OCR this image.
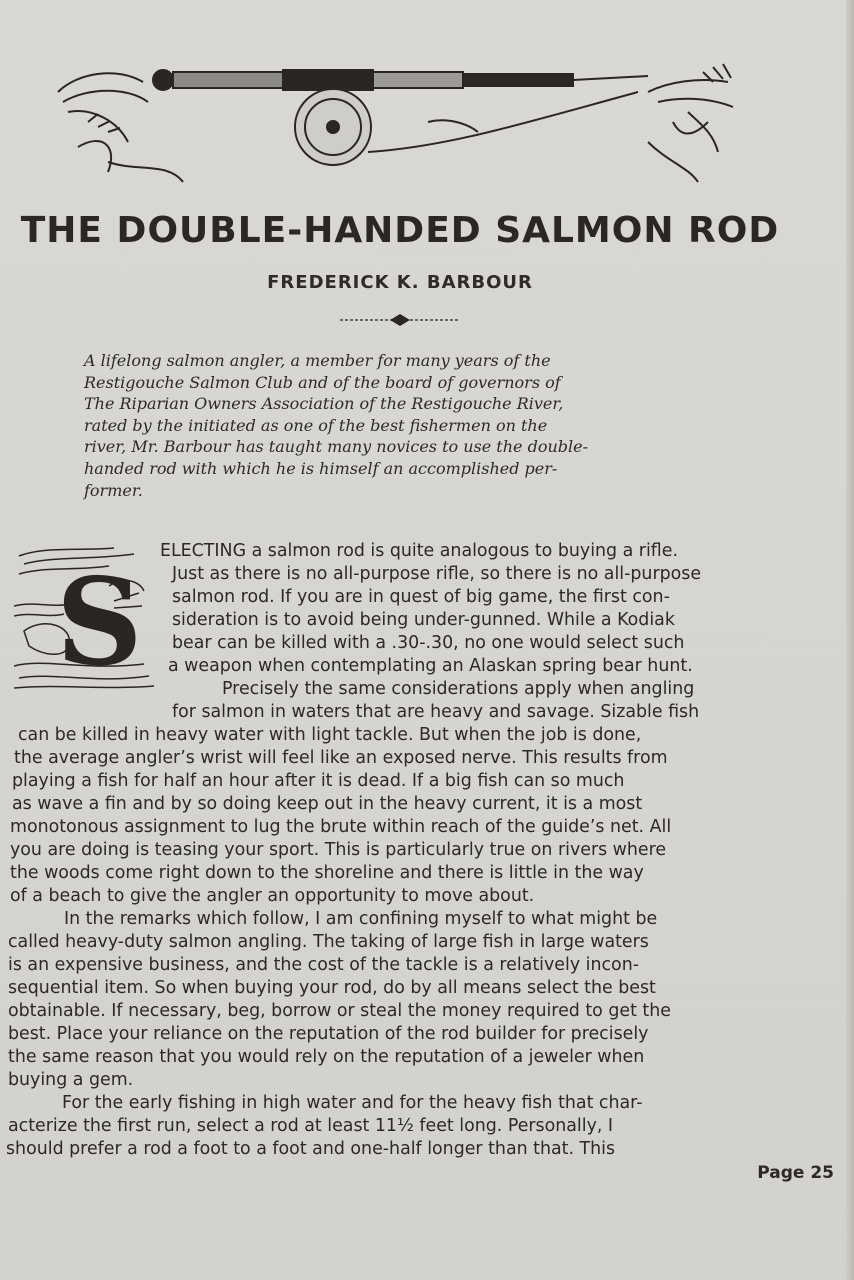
THE DOUBLE-HANDED SALMON ROD
FREDERICK K. BARBOUR
A lifelong salmon angler, a member for many years of the
Restigouche Salmon Club and of the board of governors of
The Riparian Owners Association of the Restigouche River,
rated by the initiated as one of the best fishermen on the
river, Mr. Barbour has taught many novices to use the double-
handed rod with which he is himself an accomplished per-
former.
S
ELECTING a salmon rod is quite analogous to buying a rifle.
Just as there is no all-purpose rifle, so there is no all-purpose
salmon rod. If you are in quest of big game, the first con-
sideration is to avoid being under-gunned. While a Kodiak
bear can be killed with a .30-.30, no one would select such
a weapon when contemplating an Alaskan spring bear hunt.
Precisely the same considerations apply when angling
for salmon in waters that are heavy and savage. Sizable fish
can be killed in heavy water with light tackle. But when the job is done,
the average angler’s wrist will feel like an exposed nerve. This results from
playing a fish for half an hour after it is dead. If a big fish can so much
as wave a fin and by so doing keep out in the heavy current, it is a most
monotonous assignment to lug the brute within reach of the guide’s net. All
you are doing is teasing your sport. This is particularly true on rivers where
the woods come right down to the shoreline and there is little in the way
of a beach to give the angler an opportunity to move about.
In the remarks which follow, I am confining myself to what might be
called heavy-duty salmon angling. The taking of large fish in large waters
is an expensive business, and the cost of the tackle is a relatively incon-
sequential item. So when buying your rod, do by all means select the best
obtainable. If necessary, beg, borrow or steal the money required to get the
best. Place your reliance on the reputation of the rod builder for precisely
the same reason that you would rely on the reputation of a jeweler when
buying a gem.
For the early fishing in high water and for the heavy fish that char-
acterize the first run, select a rod at least 11½ feet long. Personally, I
should prefer a rod a foot to a foot and one-half longer than that. This
Page 25
